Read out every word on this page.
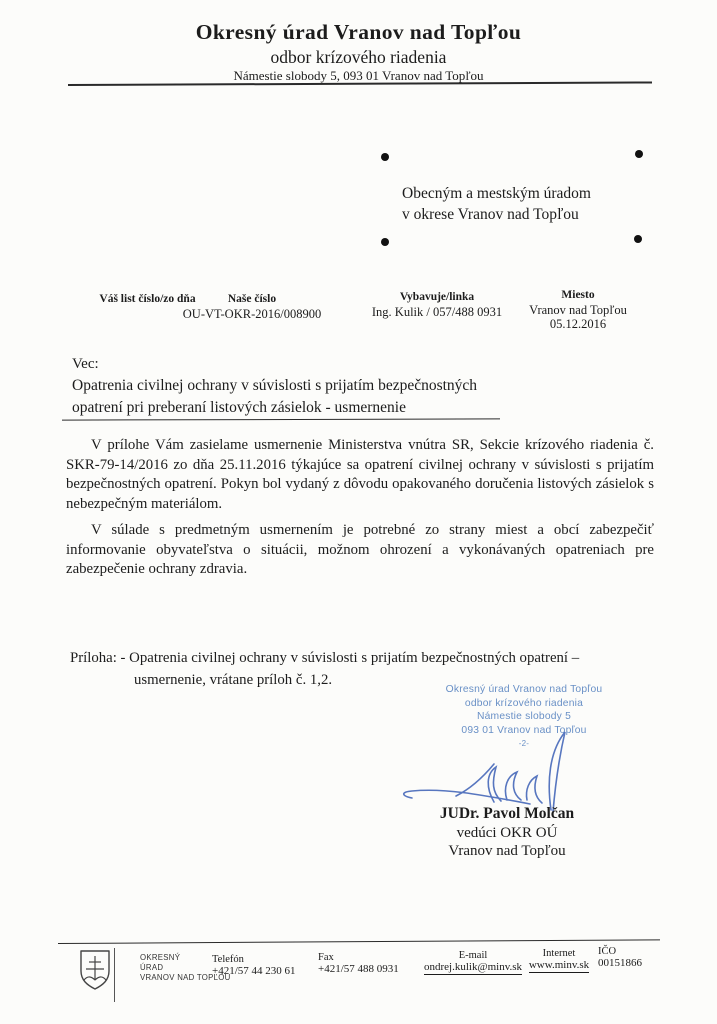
Okresný úrad Vranov nad Topľou
odbor krízového riadenia
Námestie slobody 5, 093 01 Vranov nad Topľou
Obecným a mestským úradom
v okrese Vranov nad Topľou
Váš list číslo/zo dňa	Naše číslo
OU-VT-OKR-2016/008900
Vybavuje/linka
Ing. Kulik / 057/488 0931
Miesto
Vranov nad Topľou
05.12.2016
Vec:
Opatrenia civilnej ochrany v súvislosti s prijatím bezpečnostných
opatrení pri preberaní listových zásielok - usmernenie
V prílohe Vám zasielame usmernenie Ministerstva vnútra SR, Sekcie krízového riadenia č. SKR-79-14/2016 zo dňa 25.11.2016 týkajúce sa opatrení civilnej ochrany v súvislosti s prijatím bezpečnostných opatrení. Pokyn bol vydaný z dôvodu opakovaného doručenia listových zásielok s nebezpečným materiálom.
V súlade s predmetným usmernením je potrebné zo strany miest a obcí zabezpečiť informovanie obyvateľstva o situácii, možnom ohrození a vykonávaných opatreniach pre zabezpečenie ochrany zdravia.
Príloha: - Opatrenia civilnej ochrany v súvislosti s prijatím bezpečnostných opatrení –
usmernenie, vrátane príloh č. 1,2.
Okresný úrad Vranov nad Topľou
odbor krízového riadenia
Námestie slobody 5
093 01 Vranov nad Topľou
-2-
JUDr. Pavol Molčan
vedúci OKR OÚ
Vranov nad Topľou
OKRESNÝ
ÚRAD
VRANOV NAD TOPĽOU
Telefón
+421/57 44 230 61
Fax
+421/57 488 0931
E-mail
ondrej.kulik@minv.sk
Internet
www.minv.sk
IČO
00151866
